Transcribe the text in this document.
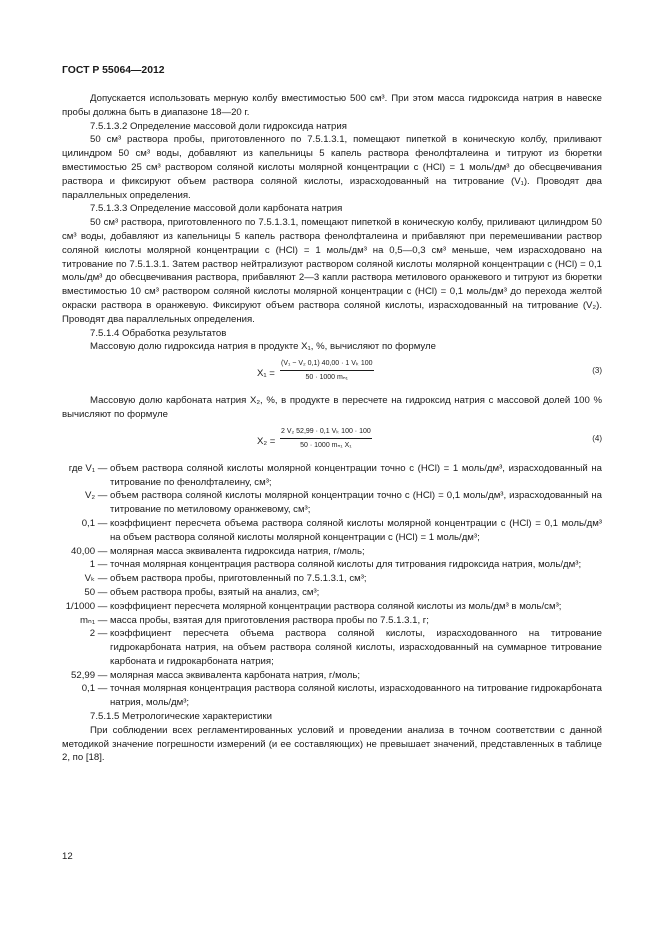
ГОСТ Р 55064—2012

Допускается использовать мерную колбу вместимостью 500 см³. При этом масса гидроксида натрия в навеске пробы должна быть в диапазоне 18—20 г.

7.5.1.3.2 Определение массовой доли гидроксида натрия

50 см³ раствора пробы, приготовленного по 7.5.1.3.1, помещают пипеткой в коническую колбу, приливают цилиндром 50 см³ воды, добавляют из капельницы 5 капель раствора фенолфталеина и титруют из бюретки вместимостью 25 см³ раствором соляной кислоты молярной концентрации с (HCl) = 1 моль/дм³ до обесцвечивания раствора и фиксируют объем раствора соляной кислоты, израсходованный на титрование (V₁). Проводят два параллельных определения.

7.5.1.3.3 Определение массовой доли карбоната натрия

50 см³ раствора, приготовленного по 7.5.1.3.1, помещают пипеткой в коническую колбу, приливают цилиндром 50 см³ воды, добавляют из капельницы 5 капель раствора фенолфталеина и прибавляют при перемешивании раствор соляной кислоты молярной концентрации с (HCl) = 1 моль/дм³ на 0,5—0,3 см³ меньше, чем израсходовано на титрование по 7.5.1.3.1. Затем раствор нейтрализуют раствором соляной кислоты молярной концентрации с (HCl) = 0,1 моль/дм³ до обесцвечивания раствора, прибавляют 2—3 капли раствора метилового оранжевого и титруют из бюретки вместимостью 10 см³ раствором соляной кислоты молярной концентрации с (HCl) = 0,1 моль/дм³ до перехода желтой окраски раствора в оранжевую. Фиксируют объем раствора соляной кислоты, израсходованный на титрование (V₂). Проводят два параллельных определения.

7.5.1.4 Обработка результатов

Массовую долю гидроксида натрия в продукте X₁, %, вычисляют по формуле

$X_1 = \frac{\text{(V₁ − V₂ 0,1) 40,00 · 1 Vₖ 100}}{\text{50 · 1000 mₙ₁}}$	(3)

Массовую долю карбоната натрия X₂, %, в продукте в пересчете на гидроксид натрия с массовой долей 100 % вычисляют по формуле

$X_2 = \frac{\text{2 V₂ 52,99 · 0,1 Vₖ 100 · 100}}{\text{50 · 1000 mₙ₁ X₁}}$	(4)
где V₁ — объем раствора соляной кислоты молярной концентрации точно с (HCl) = 1 моль/дм³, израсходованный на титрование по фенолфталеину, см³;
V₂ — объем раствора соляной кислоты молярной концентрации точно с (HCl) = 0,1 моль/дм³, израсходованный на титрование по метиловому оранжевому, см³;
0,1 — коэффициент пересчета объема раствора соляной кислоты молярной концентрации с (HCl) = 0,1 моль/дм³ на объем раствора соляной кислоты молярной концентрации с (HCl) = 1 моль/дм³;
40,00 — молярная масса эквивалента гидроксида натрия, г/моль;
1 — точная молярная концентрация раствора соляной кислоты для титрования гидроксида натрия, моль/дм³;
Vₖ — объем раствора пробы, приготовленный по 7.5.1.3.1, см³;
50 — объем раствора пробы, взятый на анализ, см³;
1/1000 — коэффициент пересчета молярной концентрации раствора соляной кислоты из моль/дм³ в моль/см³;
mₙ₁ — масса пробы, взятая для приготовления раствора пробы по 7.5.1.3.1, г;
2 — коэффициент пересчета объема раствора соляной кислоты, израсходованного на титрование гидрокарбоната натрия, на объем раствора соляной кислоты, израсходованный на суммарное титрование карбоната и гидрокарбоната натрия;
52,99 — молярная масса эквивалента карбоната натрия, г/моль;
0,1 — точная молярная концентрация раствора соляной кислоты, израсходованного на титрование гидрокарбоната натрия, моль/дм³;

7.5.1.5 Метрологические характеристики

При соблюдении всех регламентированных условий и проведении анализа в точном соответствии с данной методикой значение погрешности измерений (и ее составляющих) не превышает значений, представленных в таблице 2, по [18].

12
